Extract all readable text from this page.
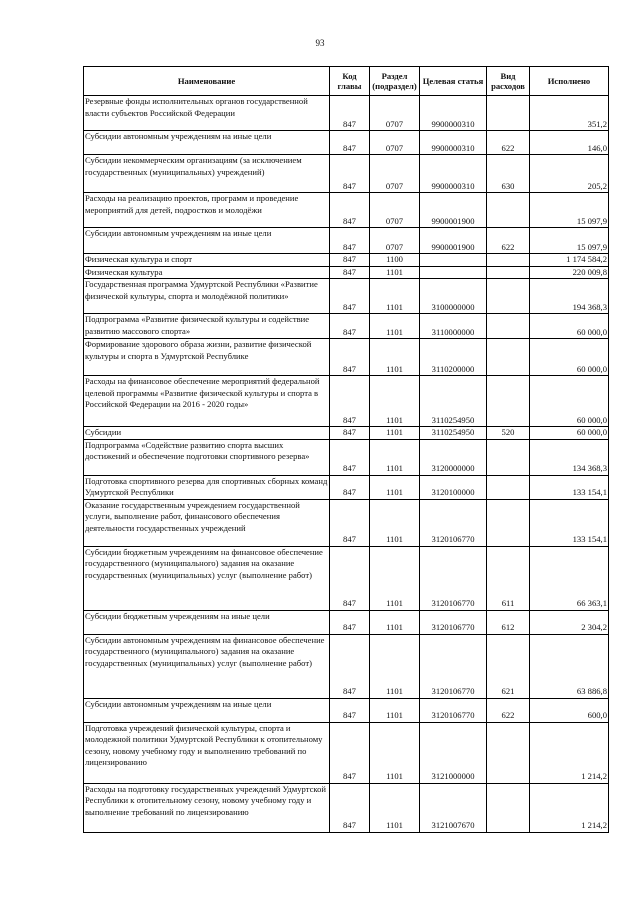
93
Наименование	Код главы	Раздел (подраздел)	Целевая статья	Вид расходов	Исполнено
Резервные фонды исполнительных органов государственной власти субъектов Российской Федерации	847	0707	9900000310		351,2
Субсидии автономным учреждениям на иные цели	847	0707	9900000310	622	146,0
Субсидии некоммерческим организациям (за исключением государственных (муниципальных) учреждений)	847	0707	9900000310	630	205,2
Расходы на реализацию проектов, программ и проведение мероприятий для детей, подростков и молодёжи	847	0707	9900001900		15 097,9
Субсидии автономным учреждениям на иные цели	847	0707	9900001900	622	15 097,9
Физическая культура и спорт	847	1100			1 174 584,2
Физическая культура	847	1101			220 009,8
Государственная программа Удмуртской Республики «Развитие физической культуры, спорта и молодёжной политики»	847	1101	3100000000		194 368,3
Подпрограмма «Развитие физической культуры и содействие развитию массового спорта»	847	1101	3110000000		60 000,0
Формирование здорового образа жизни, развитие физической культуры и спорта в Удмуртской Республике	847	1101	3110200000		60 000,0
Расходы на финансовое обеспечение мероприятий федеральной целевой программы «Развитие физической культуры и спорта в Российской Федерации на 2016 - 2020 годы»	847	1101	3110254950		60 000,0
Субсидии	847	1101	3110254950	520	60 000,0
Подпрограмма «Содействие развитию спорта высших достижений и обеспечение подготовки спортивного резерва»	847	1101	3120000000		134 368,3
Подготовка спортивного резерва для спортивных сборных команд Удмуртской Республики	847	1101	3120100000		133 154,1
Оказание государственным учреждением государственной услуги, выполнение работ, финансового обеспечения деятельности государственных учреждений	847	1101	3120106770		133 154,1
Субсидии бюджетным учреждениям на финансовое обеспечение государственного (муниципального) задания на оказание государственных (муниципальных) услуг (выполнение работ)	847	1101	3120106770	611	66 363,1
Субсидии бюджетным учреждениям на иные цели	847	1101	3120106770	612	2 304,2
Субсидии автономным учреждениям на финансовое обеспечение государственного (муниципального) задания на оказание государственных (муниципальных) услуг (выполнение работ)	847	1101	3120106770	621	63 886,8
Субсидии автономным учреждениям на иные цели	847	1101	3120106770	622	600,0
Подготовка учреждений физической культуры, спорта и молодежной политики Удмуртской Республики к отопительному сезону, новому учебному году и выполнению требований по лицензированию	847	1101	3121000000		1 214,2
Расходы на подготовку государственных учреждений Удмуртской Республики к отопительному сезону, новому учебному году и выполнение требований по лицензированию	847	1101	3121007670		1 214,2
